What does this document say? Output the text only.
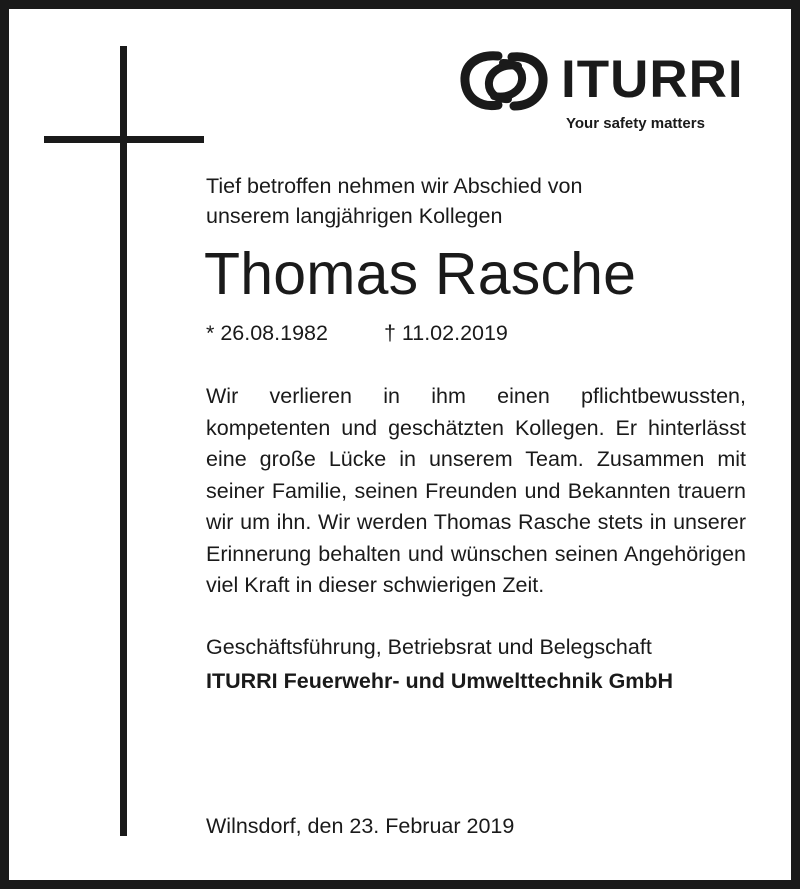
ITURRI
Your safety matters

Tief betroffen nehmen wir Abschied von

unserem langjährigen Kollegen

Thomas Rasche
* 26.08.1982	† 11.02.2019
Wir verlieren in ihm einen pflichtbewussten, kompetenten und geschätzten Kollegen. Er hinterlässt eine große Lücke in unserem Team. Zusammen mit seiner Familie, seinen Freunden und Bekannten trauern wir um ihn. Wir werden Thomas Rasche stets in unserer Erinnerung behalten und wünschen seinen Angehörigen viel Kraft in dieser schwierigen Zeit.
Geschäftsführung, Betriebsrat und Belegschaft
ITURRI Feuerwehr- und Umwelttechnik GmbH
Wilnsdorf, den 23. Februar 2019
